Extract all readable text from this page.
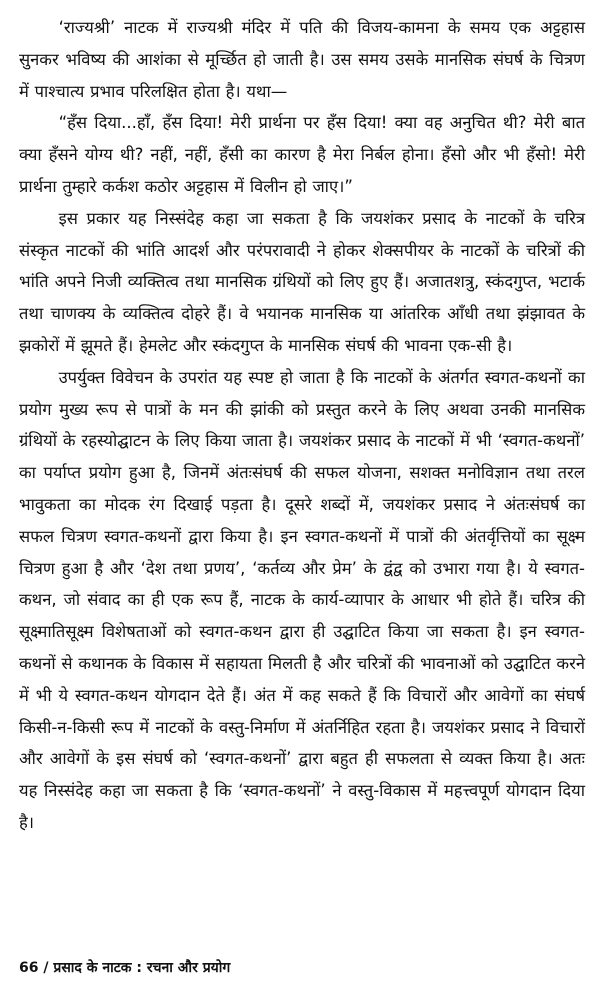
‘राज्यश्री’ नाटक में राज्यश्री मंदिर में पति की विजय-कामना के समय एक अट्टहास सुनकर भविष्य की आशंका से मूर्च्छित हो जाती है। उस समय उसके मानसिक संघर्ष के चित्रण में पाश्चात्य प्रभाव परिलक्षित होता है। यथा—

“हँस दिया...हाँ, हँस दिया! मेरी प्रार्थना पर हँस दिया! क्या वह अनुचित थी? मेरी बात क्या हँसने योग्य थी? नहीं, नहीं, हँसी का कारण है मेरा निर्बल होना। हँसो और भी हँसो! मेरी प्रार्थना तुम्हारे कर्कश कठोर अट्टहास में विलीन हो जाए।”

इस प्रकार यह निस्संदेह कहा जा सकता है कि जयशंकर प्रसाद के नाटकों के चरित्र संस्कृत नाटकों की भांति आदर्श और परंपरावादी ने होकर शेक्सपीयर के नाटकों के चरित्रों की भांति अपने निजी व्यक्तित्व तथा मानसिक ग्रंथियों को लिए हुए हैं। अजातशत्रु, स्कंदगुप्त, भटार्क तथा चाणक्य के व्यक्तित्व दोहरे हैं। वे भयानक मानसिक या आंतरिक आँधी तथा झंझावत के झकोरों में झूमते हैं। हेमलेट और स्कंदगुप्त के मानसिक संघर्ष की भावना एक-सी है।

उपर्युक्त विवेचन के उपरांत यह स्पष्ट हो जाता है कि नाटकों के अंतर्गत स्वगत-कथनों का प्रयोग मुख्य रूप से पात्रों के मन की झांकी को प्रस्तुत करने के लिए अथवा उनकी मानसिक ग्रंथियों के रहस्योद्घाटन के लिए किया जाता है। जयशंकर प्रसाद के नाटकों में भी ‘स्वगत-कथनों’ का पर्याप्त प्रयोग हुआ है, जिनमें अंतःसंघर्ष की सफल योजना, सशक्त मनोविज्ञान तथा तरल भावुकता का मोदक रंग दिखाई पड़ता है। दूसरे शब्दों में, जयशंकर प्रसाद ने अंतःसंघर्ष का सफल चित्रण स्वगत-कथनों द्वारा किया है। इन स्वगत-कथनों में पात्रों की अंतर्वृत्तियों का सूक्ष्म चित्रण हुआ है और ‘देश तथा प्रणय’, ‘कर्तव्य और प्रेम’ के द्वंद्व को उभारा गया है। ये स्वगत-कथन, जो संवाद का ही एक रूप हैं, नाटक के कार्य-व्यापार के आधार भी होते हैं। चरित्र की सूक्ष्मातिसूक्ष्म विशेषताओं को स्वगत-कथन द्वारा ही उद्घाटित किया जा सकता है। इन स्वगत-कथनों से कथानक के विकास में सहायता मिलती है और चरित्रों की भावनाओं को उद्घाटित करने में भी ये स्वगत-कथन योगदान देते हैं। अंत में कह सकते हैं कि विचारों और आवेगों का संघर्ष किसी-न-किसी रूप में नाटकों के वस्तु-निर्माण में अंतर्निहित रहता है। जयशंकर प्रसाद ने विचारों और आवेगों के इस संघर्ष को ‘स्वगत-कथनों’ द्वारा बहुत ही सफलता से व्यक्त किया है। अतः यह निस्संदेह कहा जा सकता है कि ‘स्वगत-कथनों’ ने वस्तु-विकास में महत्त्वपूर्ण योगदान दिया है।

66 / प्रसाद के नाटक : रचना और प्रयोग
